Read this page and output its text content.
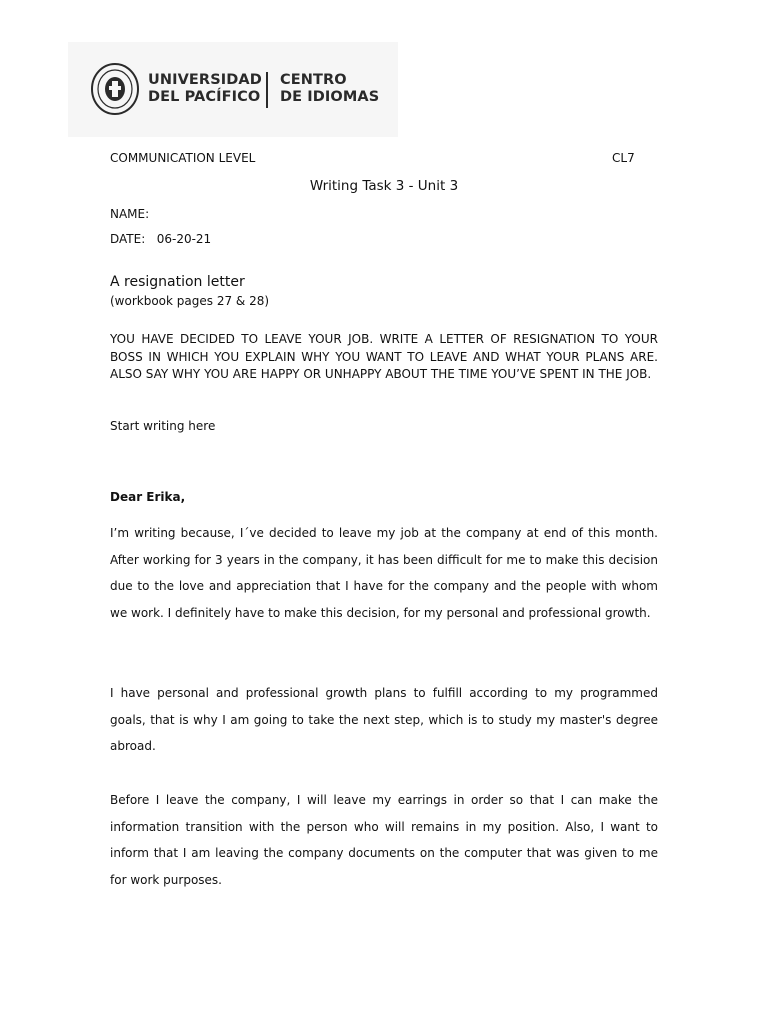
UNIVERSIDAD
DEL PACÍFICO
CENTRO
DE IDIOMAS
COMMUNICATION LEVEL	CL7
Writing Task 3 - Unit 3
NAME:
DATE: 06-20-21
A resignation letter
(workbook pages 27 & 28)
YOU HAVE DECIDED TO LEAVE YOUR JOB. WRITE A LETTER OF RESIGNATION TO YOUR BOSS IN WHICH YOU EXPLAIN WHY YOU WANT TO LEAVE AND WHAT YOUR PLANS ARE. ALSO SAY WHY YOU ARE HAPPY OR UNHAPPY ABOUT THE TIME YOU’VE SPENT IN THE JOB.
Start writing here
Dear Erika,
I’m writing because, I´ve decided to leave my job at the company at end of this month. After working for 3 years in the company, it has been difficult for me to make this decision due to the love and appreciation that I have for the company and the people with whom we work. I definitely have to make this decision, for my personal and professional growth.
I have personal and professional growth plans to fulfill according to my programmed goals, that is why I am going to take the next step, which is to study my master's degree abroad.
Before I leave the company, I will leave my earrings in order so that I can make the information transition with the person who will remains in my position. Also, I want to inform that I am leaving the company documents on the computer that was given to me for work purposes.
